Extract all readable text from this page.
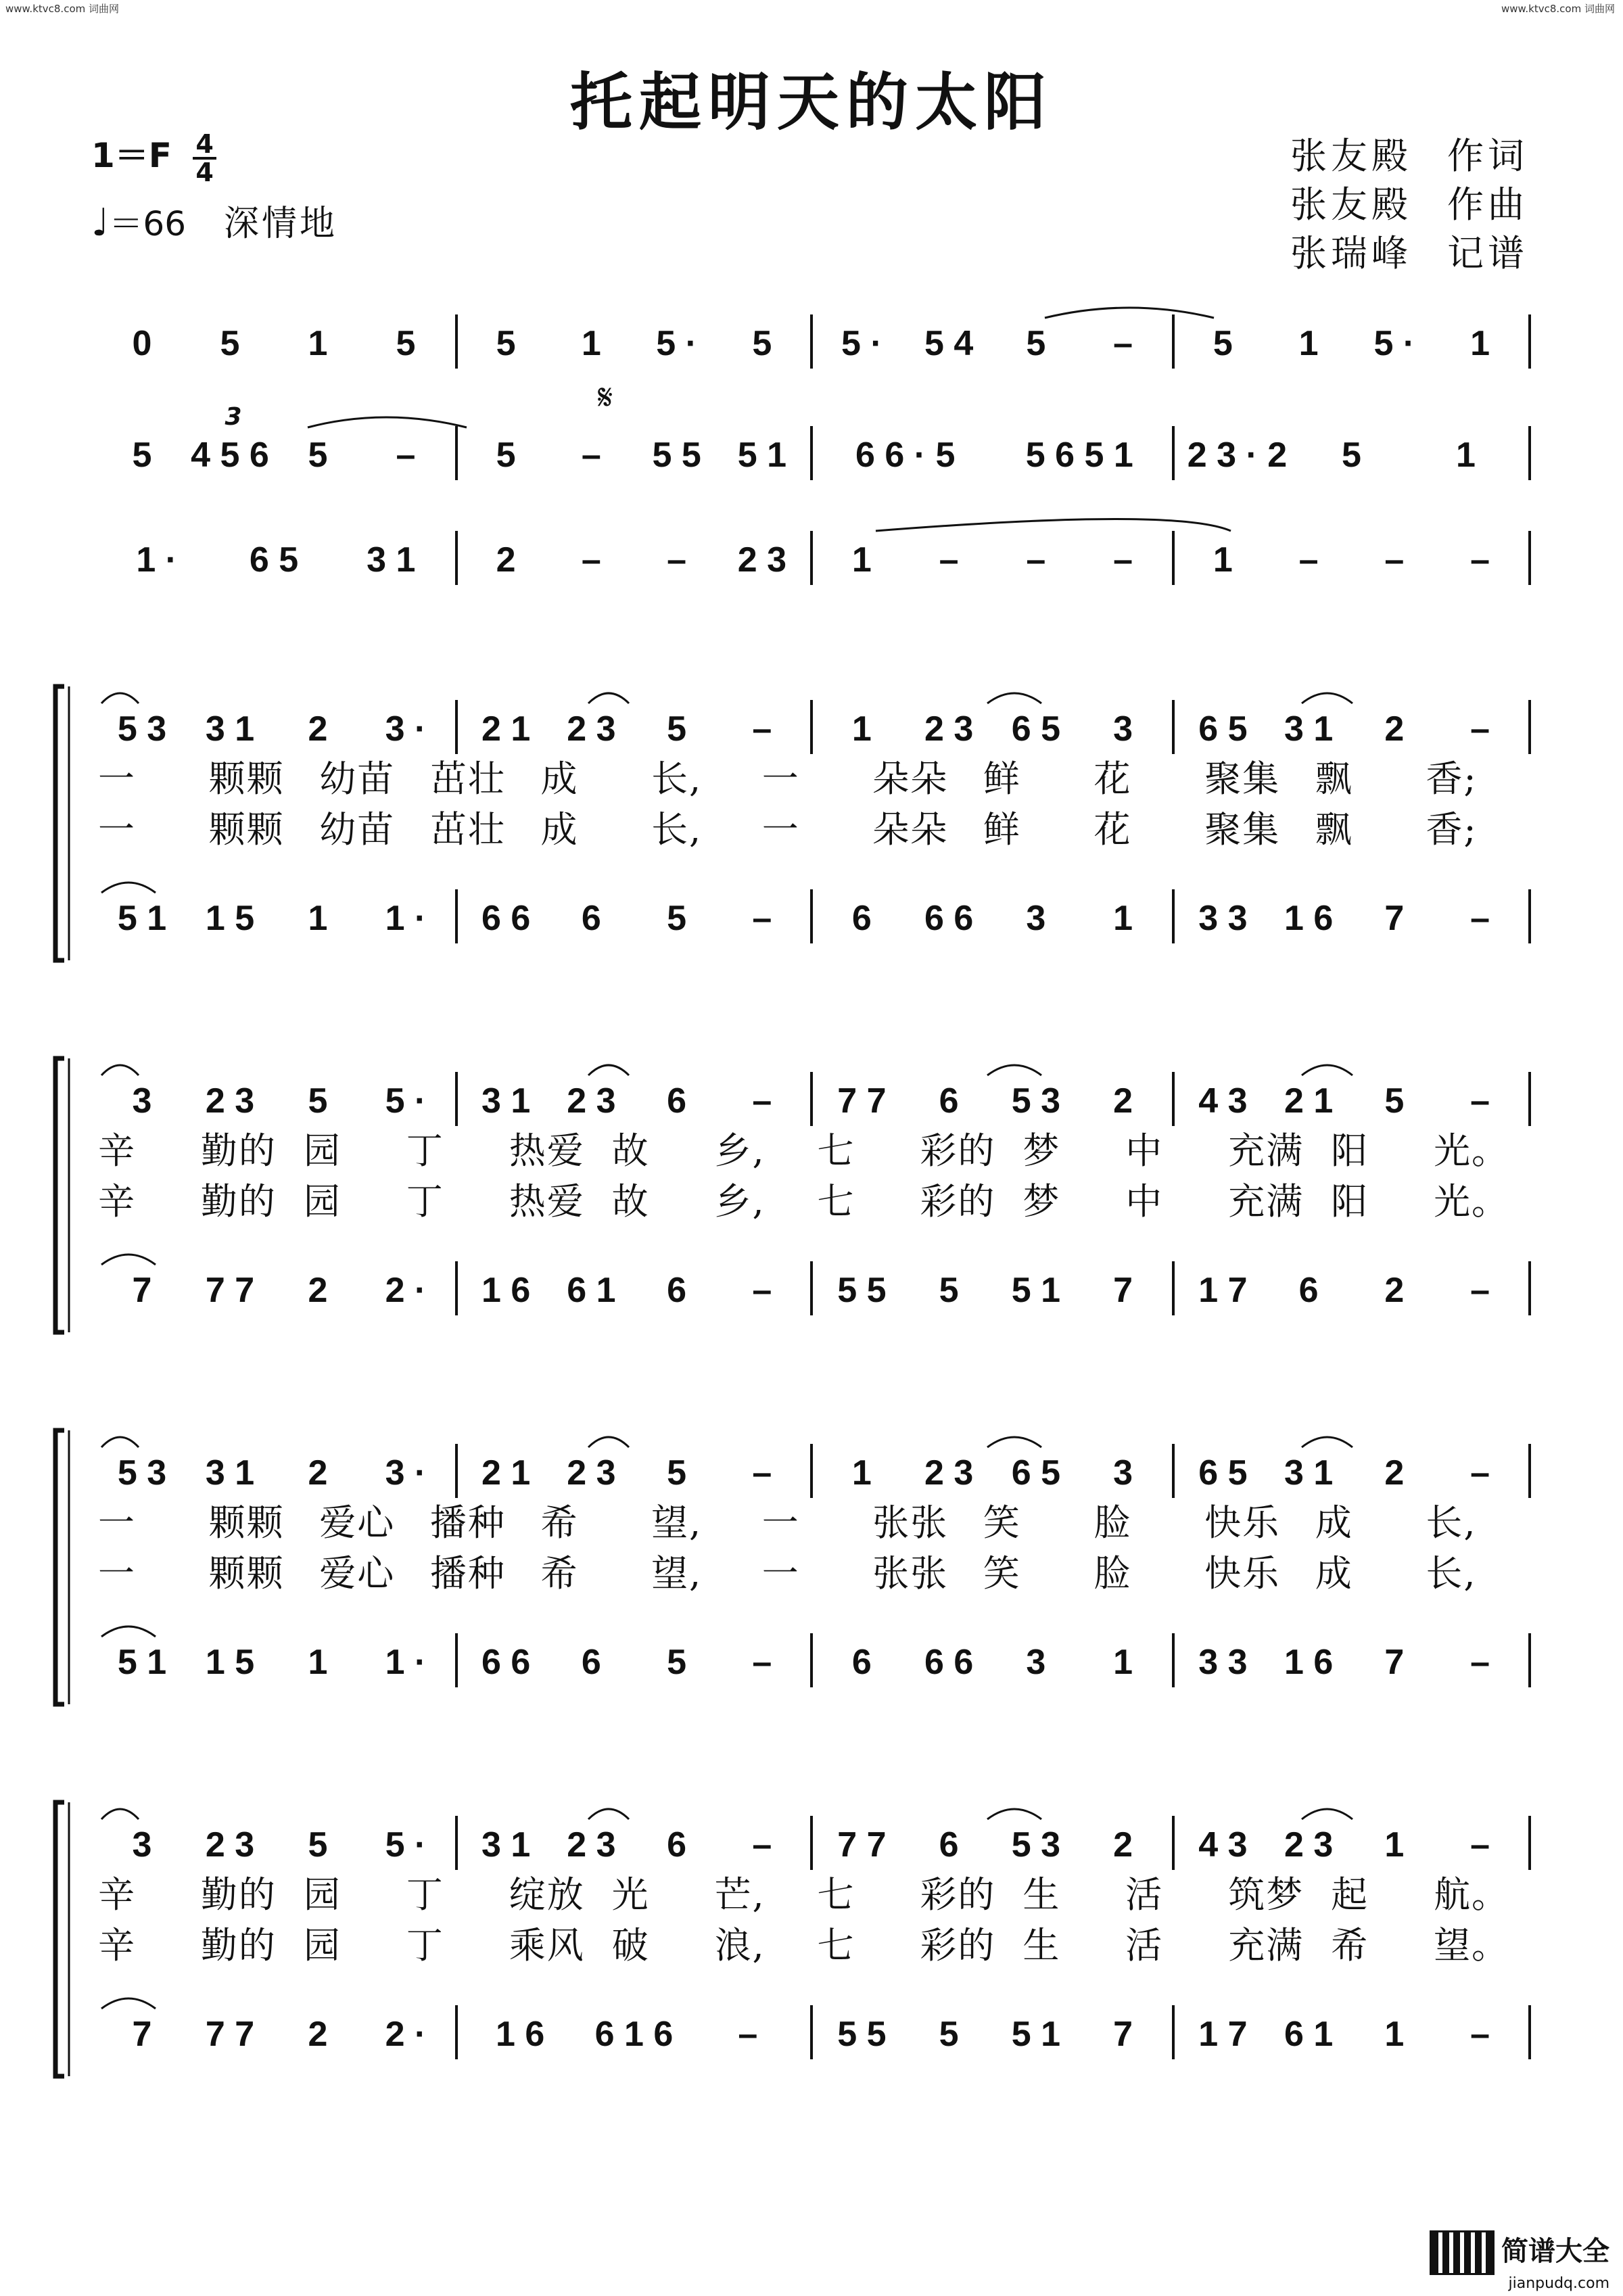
www.ktvc8.com 词曲网	www.ktvc8.com 词曲网
托起明天的太阳
$1=F \frac{4}{4}$
♩＝66 深情地
张友殿 作词
张友殿 作曲
张瑞峰 记谱
0 5 1 5 5 1 5 · 5 5 · 5 4 5 – 5 1 5 · 1
5 4 5 6 5 – 5 – 5 5 5 1 6 6 · 5 5 6 5 1 2 3 · 2 5	1
1 · 6 5 3 1 2 – – 2 3 1 – – – 1 – – –
𝄋
3
5 3 3 1 2 3 · 2 1 2 3 5 – 1 2 3 6 5 3 6 5 3 1 2 –
一 颗颗 幼苗 茁壮 成 长, 一 朵朵 鲜 花 聚集 飘 香;
一 颗颗 幼苗 茁壮 成 长, 一 朵朵 鲜 花 聚集 飘 香;
5 1 1 5 1 1 · 6 6 6 5 – 6 6 6 3 1 3 3 1 6 7 –
3 2 3 5 5 · 3 1 2 3 6 – 7 7 6 5 3 2 4 3 2 1 5 –
辛 勤的 园 丁 热爱 故 乡, 七 彩的 梦 中 充满 阳 光。
辛 勤的 园 丁 热爱 故 乡, 七 彩的 梦 中 充满 阳 光。
7 7 7 2 2 · 1 6 6 1 6 – 5 5 5 5 1 7 1 7 6 2 –
5 3 3 1 2 3 · 2 1 2 3 5 – 1 2 3 6 5 3 6 5 3 1 2 –
一 颗颗 爱心 播种 希 望, 一 张张 笑 脸 快乐 成 长,
一 颗颗 爱心 播种 希 望, 一 张张 笑 脸 快乐 成 长,
5 1 1 5 1 1 · 6 6 6 5 – 6 6 6 3 1 3 3 1 6 7 –
3 2 3 5 5 · 3 1 2 3 6 – 7 7 6 5 3 2 4 3 2 3 1 –
辛 勤的 园 丁 绽放 光 芒, 七 彩的 生 活 筑梦 起 航。
辛 勤的 园 丁 乘风 破 浪, 七 彩的 生 活 充满 希 望。
7 7 7 2 2 · 1 6 6 1 6 – 5 5 5 5 1 7 1 7 6 1 1 –
简谱大全
jianpudq.com
